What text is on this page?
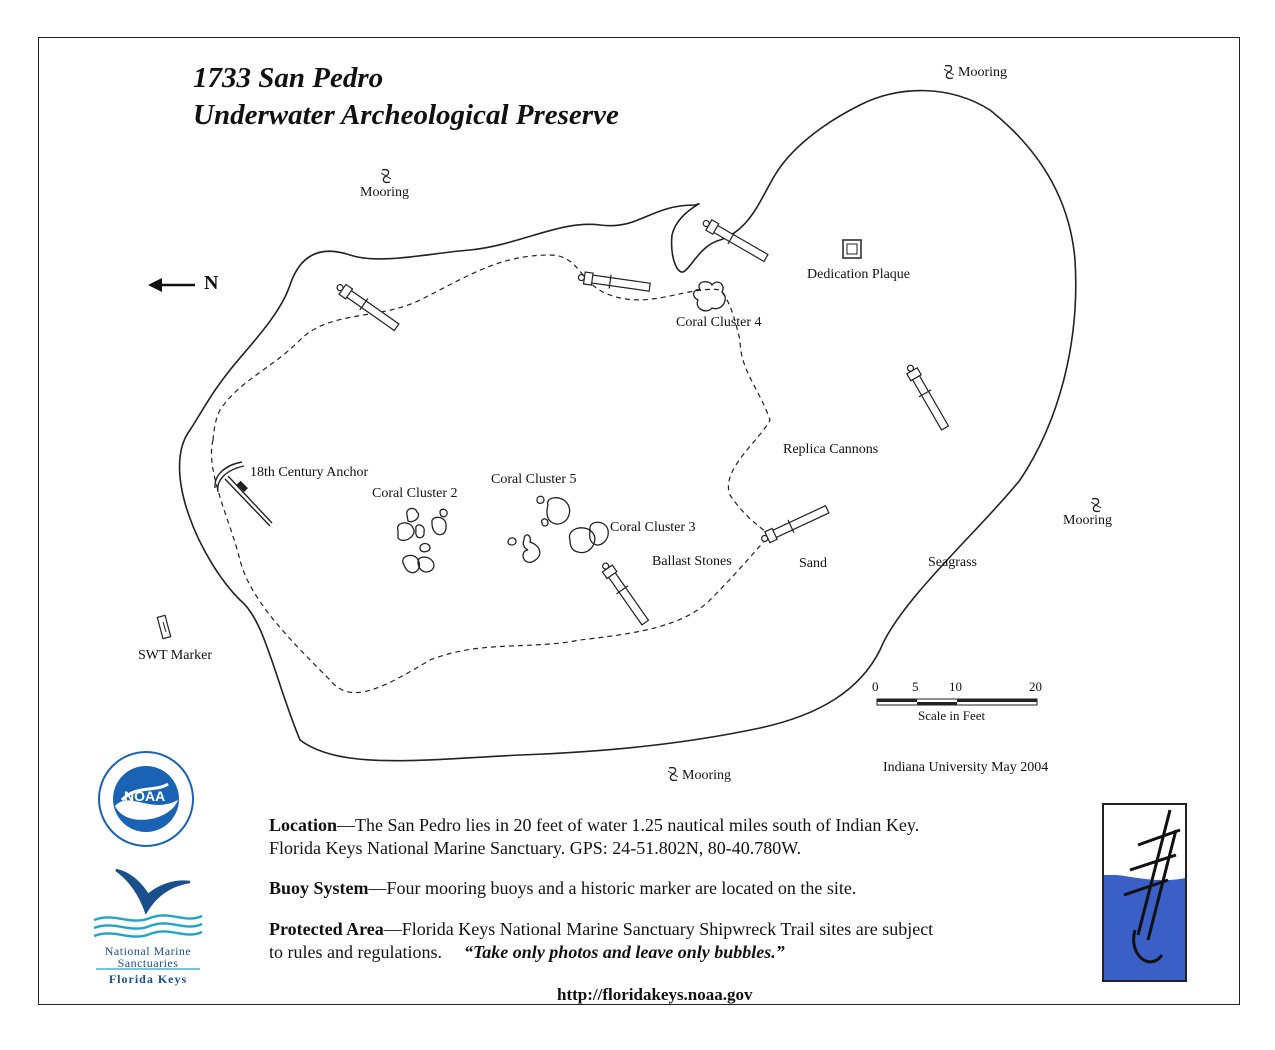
1733 San Pedro
Underwater Archeological Preserve
N
Mooring
Mooring
Mooring
Mooring
Dedication Plaque
Coral Cluster 4
18th Century Anchor
Coral Cluster 2
Coral Cluster 5
Coral Cluster 3
Replica Cannons
Ballast Stones	Sand	Seagrass
SWT Marker
Indiana University May 2004
0	5 10	20
Scale in Feet
Location—The San Pedro lies in 20 feet of water 1.25 nautical miles south of Indian Key.
Florida Keys National Marine Sanctuary. GPS: 24-51.802N, 80-40.780W.
Buoy System—Four mooring buoys and a historic marker are located on the site.
Protected Area—Florida Keys National Marine Sanctuary Shipwreck Trail sites are subject
to rules and regulations. “Take only photos and leave only bubbles.”
http://floridakeys.noaa.gov
NOAA
National Marine
Sanctuaries
Florida Keys
